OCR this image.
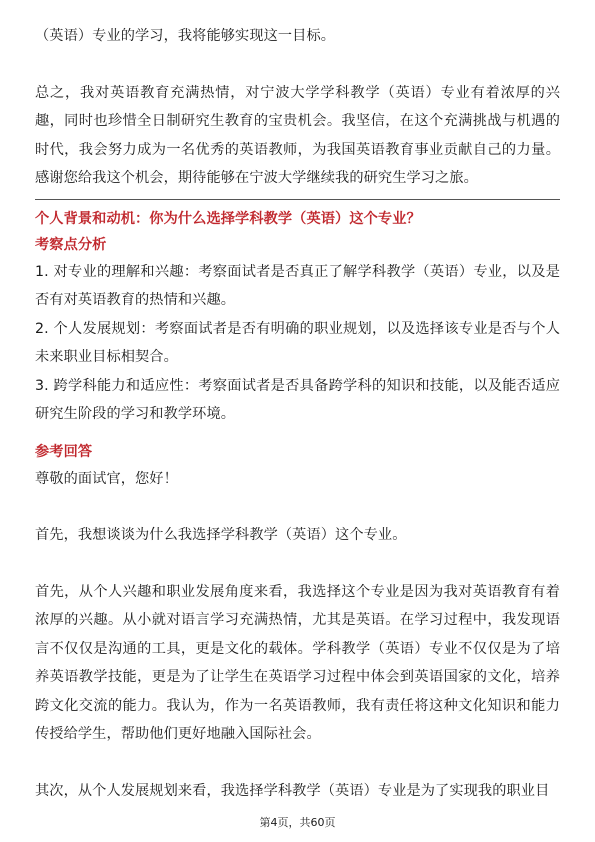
（英语）专业的学习，我将能够实现这一目标。

总之，我对英语教育充满热情，对宁波大学学科教学（英语）专业有着浓厚的兴趣，同时也珍惜全日制研究生教育的宝贵机会。我坚信，在这个充满挑战与机遇的时代，我会努力成为一名优秀的英语教师，为我国英语教育事业贡献自己的力量。感谢您给我这个机会，期待能够在宁波大学继续我的研究生学习之旅。

个人背景和动机：你为什么选择学科教学（英语）这个专业？

考察点分析

1. 对专业的理解和兴趣：考察面试者是否真正了解学科教学（英语）专业，以及是否有对英语教育的热情和兴趣。

2. 个人发展规划：考察面试者是否有明确的职业规划，以及选择该专业是否与个人未来职业目标相契合。

3. 跨学科能力和适应性：考察面试者是否具备跨学科的知识和技能，以及能否适应研究生阶段的学习和教学环境。

参考回答

尊敬的面试官，您好！

首先，我想谈谈为什么我选择学科教学（英语）这个专业。

首先，从个人兴趣和职业发展角度来看，我选择这个专业是因为我对英语教育有着浓厚的兴趣。从小就对语言学习充满热情，尤其是英语。在学习过程中，我发现语言不仅仅是沟通的工具，更是文化的载体。学科教学（英语）专业不仅仅是为了培养英语教学技能，更是为了让学生在英语学习过程中体会到英语国家的文化，培养跨文化交流的能力。我认为，作为一名英语教师，我有责任将这种文化知识和能力传授给学生，帮助他们更好地融入国际社会。

其次，从个人发展规划来看，我选择学科教学（英语）专业是为了实现我的职业目

第4页，共60页
